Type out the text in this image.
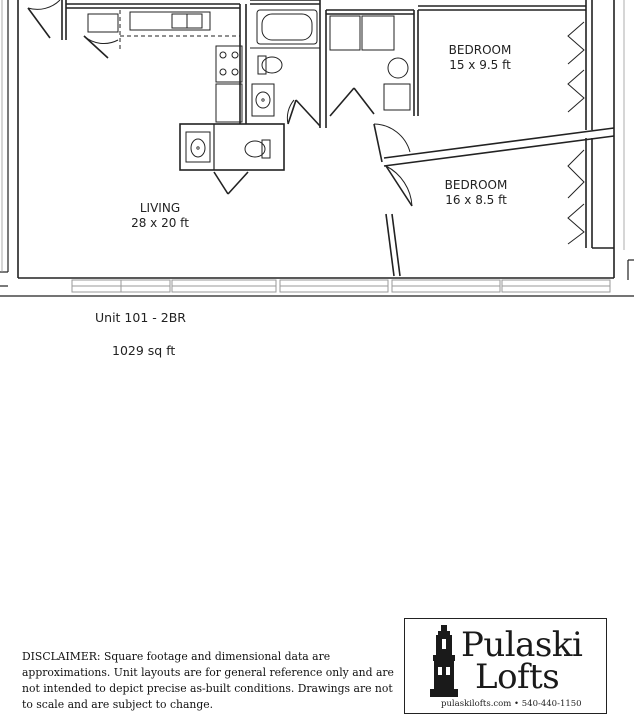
LIVING
28 x 20 ft
BEDROOM
15 x 9.5 ft
BEDROOM
16 x 8.5 ft
Unit 101 - 2BR
1029 sq ft
DISCLAIMER: Square footage and dimensional data are approximations. Unit layouts are for general reference only and are not intended to depict precise as-built conditions. Drawings are not to scale and are subject to change.
Pulaski
Lofts
pulaskilofts.com • 540-440-1150
